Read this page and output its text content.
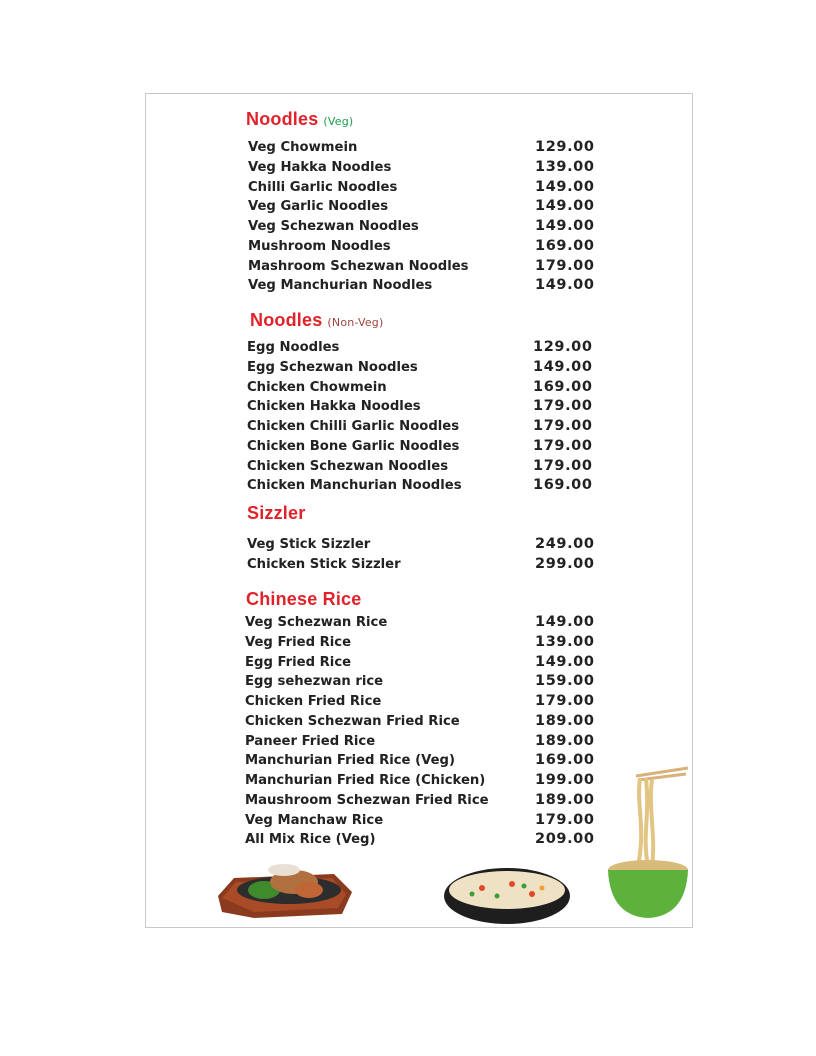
Noodles (Veg)
Veg Chowmein	129.00
Veg Hakka Noodles	139.00
Chilli Garlic Noodles	149.00
Veg Garlic Noodles	149.00
Veg Schezwan Noodles	149.00
Mushroom Noodles	169.00
Mashroom Schezwan Noodles	179.00
Veg Manchurian Noodles	149.00
Noodles (Non-Veg)
Egg Noodles	129.00
Egg Schezwan Noodles	149.00
Chicken Chowmein	169.00
Chicken Hakka Noodles	179.00
Chicken Chilli Garlic Noodles	179.00
Chicken Bone Garlic Noodles	179.00
Chicken Schezwan Noodles	179.00
Chicken Manchurian Noodles	169.00
Sizzler
Veg Stick Sizzler	249.00
Chicken Stick Sizzler	299.00
Chinese Rice
Veg Schezwan Rice	149.00
Veg Fried Rice	139.00
Egg Fried Rice	149.00
Egg sehezwan rice	159.00
Chicken Fried Rice	179.00
Chicken Schezwan Fried Rice	189.00
Paneer Fried Rice	189.00
Manchurian Fried Rice (Veg)	169.00
Manchurian Fried Rice (Chicken)	199.00
Maushroom Schezwan Fried Rice	189.00
Veg Manchaw Rice	179.00
All Mix Rice (Veg)	209.00
